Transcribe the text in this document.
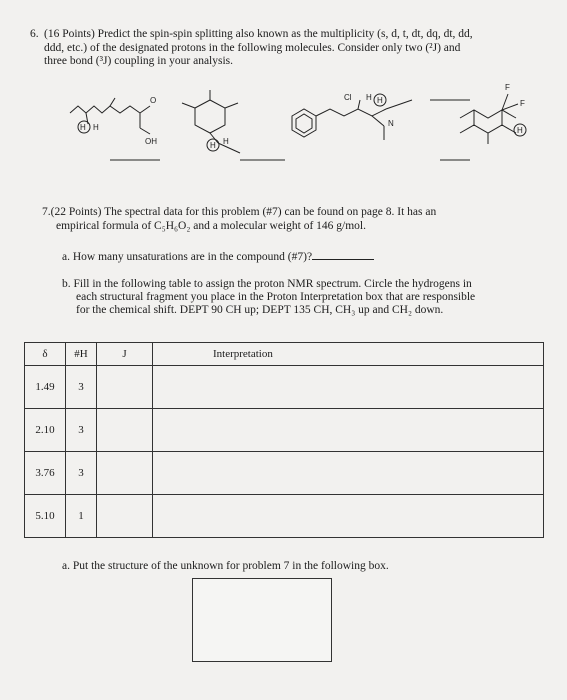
6. (16 Points) Predict the spin-spin splitting also known as the multiplicity (s, d, t, dt, dq, dt, dd,
ddd, etc.) of the designated protons in the following molecules. Consider only two (²J) and
three bond (³J) coupling in your analysis.
H H
OH
O
H H
Cl H H
N
F
F
H
7.(22 Points) The spectral data for this problem (#7) can be found on page 8. It has an
empirical formula of C₅H₆O₂ and a molecular weight of 146 g/mol.
a. How many unsaturations are in the compound (#7)?
b. Fill in the following table to assign the proton NMR spectrum. Circle the hydrogens in
each structural fragment you place in the Proton Interpretation box that are responsible
for the chemical shift. DEPT 90 CH up; DEPT 135 CH, CH₃ up and CH₂ down.
δ	#H	J	Interpretation
1.49	3		
2.10	3		
3.76	3		
5.10	1		
a. Put the structure of the unknown for problem 7 in the following box.
